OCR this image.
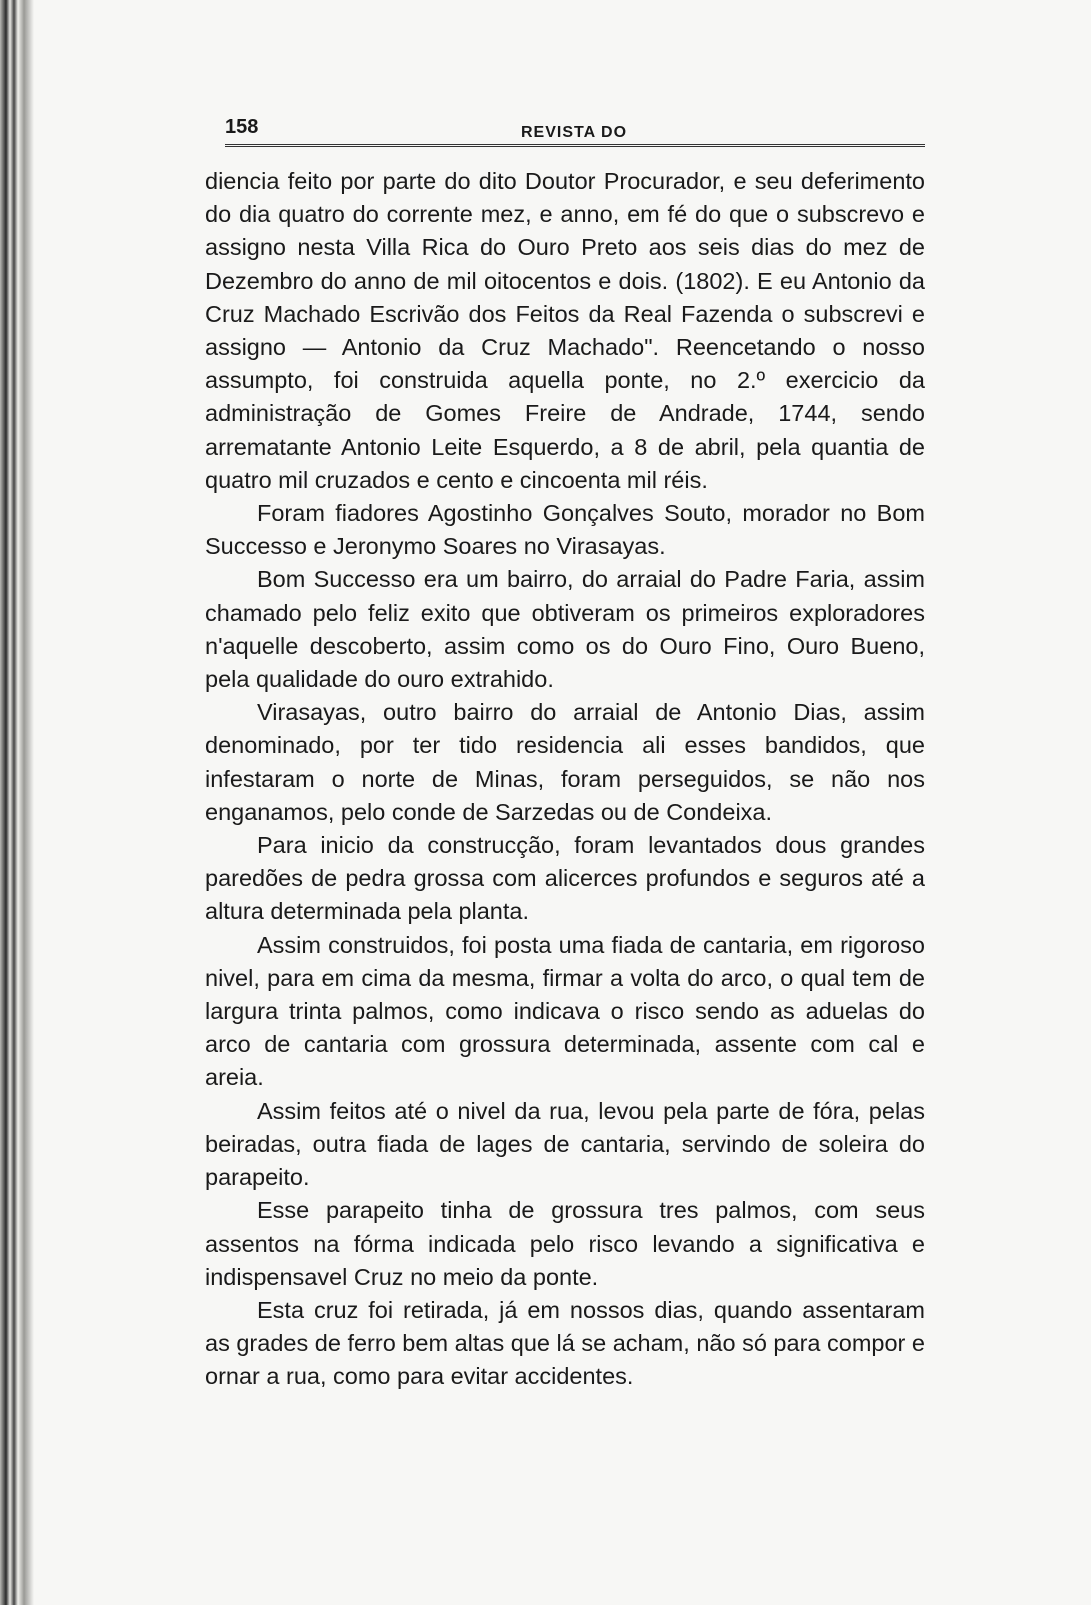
158	REVISTA DO

diencia feito por parte do dito Doutor Procurador, e seu deferimento do dia quatro do corrente mez, e anno, em fé do que o subscrevo e assigno nesta Villa Rica do Ouro Preto aos seis dias do mez de Dezembro do anno de mil oitocentos e dois. (1802). E eu Antonio da Cruz Machado Escrivão dos Feitos da Real Fazenda o subscrevi e assigno — Antonio da Cruz Machado". Reencetando o nosso assumpto, foi construida aquella ponte, no 2.º exercicio da administração de Gomes Freire de Andrade, 1744, sendo arrematante Antonio Leite Esquerdo, a 8 de abril, pela quantia de quatro mil cruzados e cento e cincoenta mil réis.

Foram fiadores Agostinho Gonçalves Souto, morador no Bom Successo e Jeronymo Soares no Virasayas.

Bom Successo era um bairro, do arraial do Padre Faria, assim chamado pelo feliz exito que obtiveram os primeiros exploradores n'aquelle descoberto, assim como os do Ouro Fino, Ouro Bueno, pela qualidade do ouro extrahido.

Virasayas, outro bairro do arraial de Antonio Dias, assim denominado, por ter tido residencia ali esses bandidos, que infestaram o norte de Minas, foram perseguidos, se não nos enganamos, pelo conde de Sarzedas ou de Condeixa.

Para inicio da construcção, foram levantados dous grandes paredões de pedra grossa com alicerces profundos e seguros até a altura determinada pela planta.

Assim construidos, foi posta uma fiada de cantaria, em rigoroso nivel, para em cima da mesma, firmar a volta do arco, o qual tem de largura trinta palmos, como indicava o risco sendo as aduelas do arco de cantaria com grossura determinada, assente com cal e areia.

Assim feitos até o nivel da rua, levou pela parte de fóra, pelas beiradas, outra fiada de lages de cantaria, servindo de soleira do parapeito.

Esse parapeito tinha de grossura tres palmos, com seus assentos na fórma indicada pelo risco levando a significativa e indispensavel Cruz no meio da ponte.

Esta cruz foi retirada, já em nossos dias, quando assentaram as grades de ferro bem altas que lá se acham, não só para compor e ornar a rua, como para evitar accidentes.
